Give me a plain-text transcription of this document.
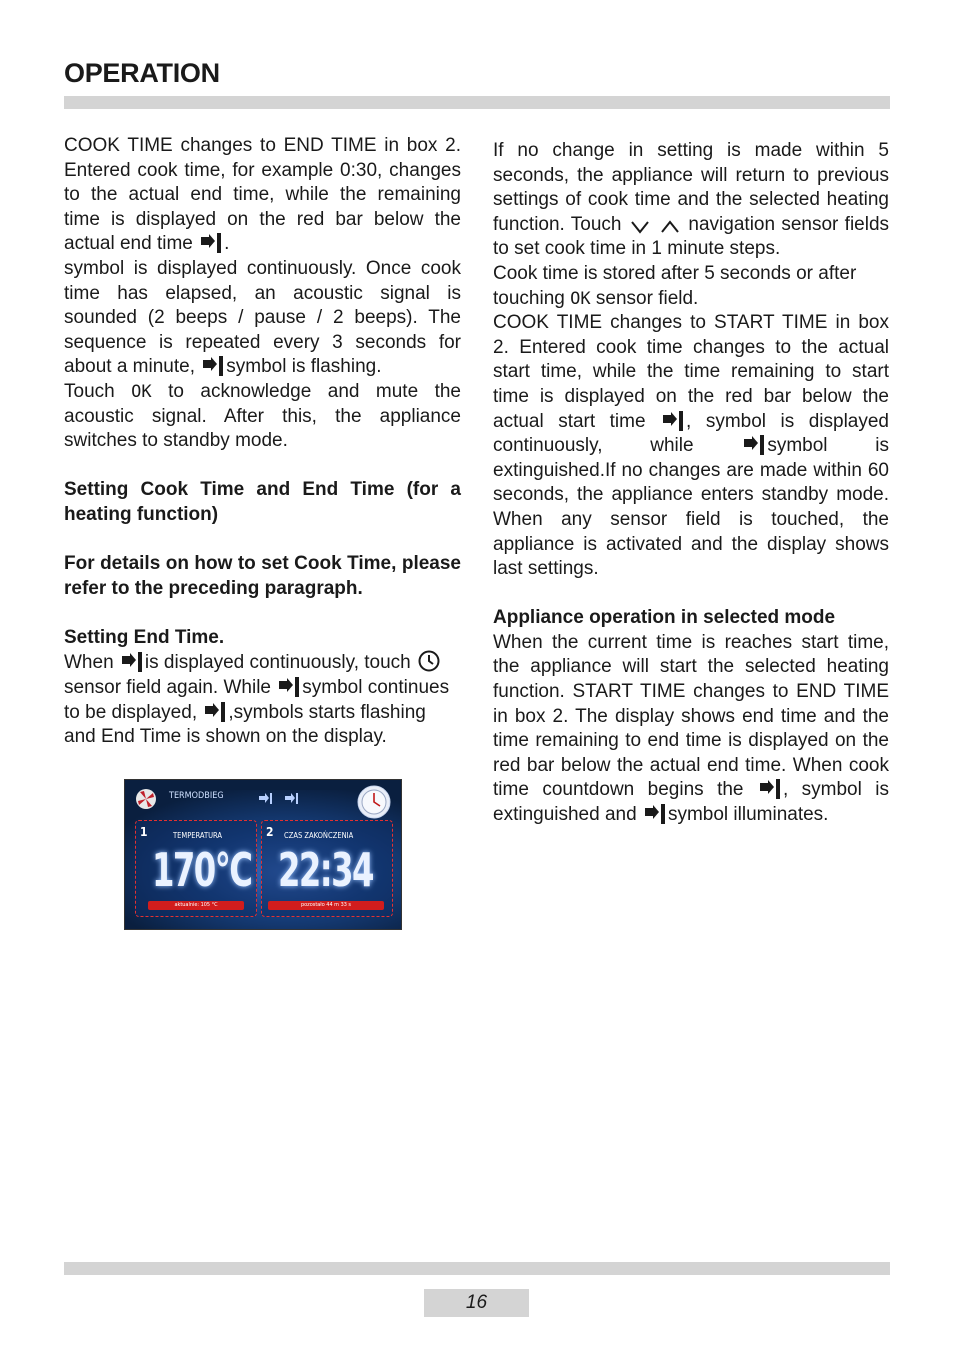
OPERATION

COOK TIME changes to END TIME in box 2. Entered cook time, for example 0:30, changes to the actual end time, while the remaining time is displayed on the red bar below the actual end time .

symbol is displayed continuously. Once cook time has elapsed, an acoustic signal is sounded (2 beeps / pause / 2 beeps). The sequence is repeated every 3 seconds for about a minute, symbol is flashing.

Touch OK to acknowledge and mute the acoustic signal. After this, the appliance switches to standby mode.

Setting Cook Time and End Time (for a heating function)

For details on how to set Cook Time, please refer to the preceding paragraph.

Setting End Time.

When is displayed continuously, touch  sensor field again. While symbol continues to be displayed, ,symbols starts flashing and End Time is shown on the display.

TERMODBIEG
1	TEMPERATURA
170°C
aktualnie: 105 °C
2 CZAS ZAKOŃCZENIA
22:34
pozostało 44 m 33 s

If no change in setting is made within 5 seconds, the appliance will return to previous settings of cook time and the selected heating function. Touch	navigation sensor fields to set cook time in 1 minute steps.

Cook time is stored after 5 seconds or after touching OK sensor field.

COOK TIME changes to START TIME in box 2. Entered cook time changes to the actual start time, while the time remaining to start time is displayed on the red bar below the actual start time , symbol is displayed continuously, while	symbol is extinguished.If no changes are made within 60 seconds, the appliance enters standby mode. When any sensor field is touched, the appliance is activated and the display shows last settings.

Appliance operation in selected mode

When the current time is reaches start time, the appliance will start the selected heating function. START TIME changes to END TIME in box 2. The display shows end time and the time remaining to end time is displayed on the red bar below the actual end time. When cook time countdown begins the , symbol is extinguished and symbol illuminates.

16
